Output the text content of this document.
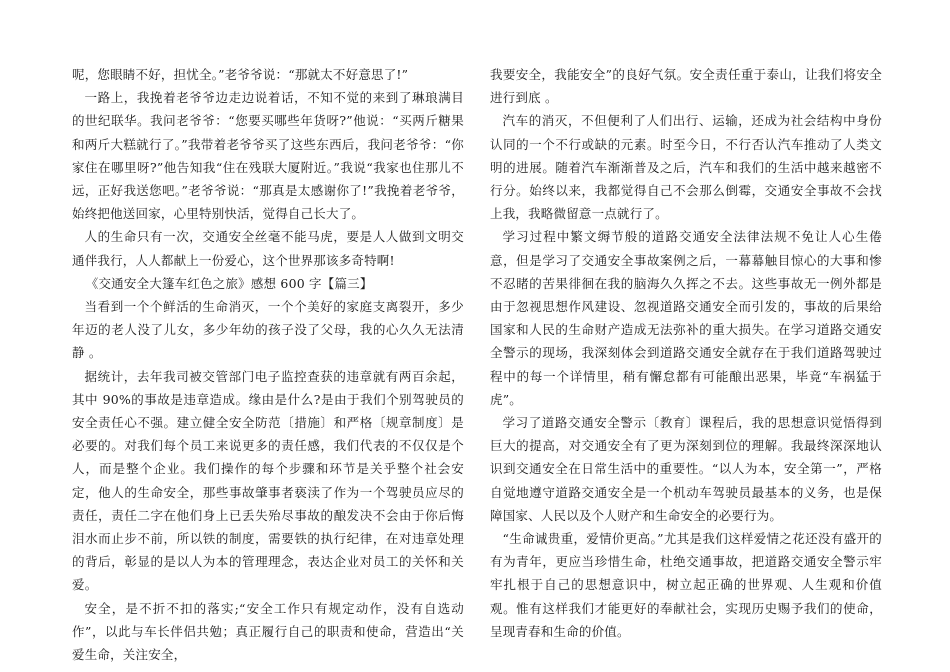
呢，您眼睛不好，担忧全。”老爷爷说：“那就太不好意思了!”

一路上，我挽着老爷爷边走边说着话，不知不觉的来到了琳琅满目的世纪联华。我问老爷爷：“您要买哪些年货呀?”他说：“买两斤糖果和两斤大糕就行了。”我带着老爷爷买了这些东西后，我问老爷爷：“你家住在哪里呀?”他告知我“住在残联大厦附近。”我说“我家也住那儿不远，正好我送您吧。”老爷爷说：“那真是太感谢你了!”我挽着老爷爷，始终把他送回家，心里特别快活，觉得自己长大了。

人的生命只有一次，交通安全丝毫不能马虎，要是人人做到文明交通伴我行，人人都献上一份爱心，这个世界那该多奇特啊!

《交通安全大篷车红色之旅》感想 600 字【篇三】

当看到一个个鲜活的生命消灭，一个个美好的家庭支离裂开，多少年迈的老人没了儿女，多少年幼的孩子没了父母，我的心久久无法清静 。

据统计，去年我司被交管部门电子监控查获的违章就有两百余起，其中 90%的事故是违章造成。缘由是什么?是由于我们个别驾驶员的安全责任心不强。建立健全安全防范〔措施〕和严格〔规章制度〕是必要的。对我们每个员工来说更多的责任感，我们代表的不仅仅是个人，而是整个企业。我们操作的每个步骤和环节是关乎整个社会安定，他人的生命安全，那些事故肇事者亵渎了作为一个驾驶员应尽的责任，责任二字在他们身上已丢失殆尽事故的酿发决不会由于你后悔泪水而止步不前，所以铁的制度，需要铁的执行纪律，在对违章处理的背后，彰显的是以人为本的管理理念，表达企业对员工的关怀和关爱。

安全，是不折不扣的落实;“安全工作只有规定动作，没有自选动作”，以此与车长伴侣共勉；真正履行自己的职责和使命，营造出“关爱生命，关注安全，

我要安全，我能安全”的良好气氛。安全责任重于泰山，让我们将安全进行到底 。

汽车的消灭，不但便利了人们出行、运输，还成为社会结构中身份认同的一个不行或缺的元素。时至今日，不行否认汽车推动了人类文明的进展。随着汽车渐渐普及之后，汽车和我们的生活中越来越密不行分。始终以来，我都觉得自己不会那么倒霉，交通安全事故不会找上我，我略微留意一点就行了。

学习过程中繁文缛节般的道路交通安全法律法规不免让人心生倦意，但是学习了交通安全事故案例之后，一幕幕触目惊心的大事和惨不忍睹的苦果徘徊在我的脑海久久挥之不去。这些事故无一例外都是由于忽视思想作风建设、忽视道路交通安全而引发的，事故的后果给国家和人民的生命财产造成无法弥补的重大损失。在学习道路交通安全警示的现场，我深刻体会到道路交通安全就存在于我们道路驾驶过程中的每一个详情里，稍有懈怠都有可能酿出恶果，毕竟“车祸猛于虎”。

学习了道路交通安全警示〔教育〕课程后，我的思想意识觉悟得到巨大的提高，对交通安全有了更为深刻到位的理解。我最终深深地认识到交通安全在日常生活中的重要性。“以人为本，安全第一”，严格自觉地遵守道路交通安全是一个机动车驾驶员最基本的义务，也是保障国家、人民以及个人财产和生命安全的必要行为。

“生命诚贵重，爱情价更高。”尤其是我们这样爱情之花还没有盛开的有为青年，更应当珍惜生命，杜绝交通事故，把道路交通安全警示牢牢扎根于自己的思想意识中，树立起正确的世界观、人生观和价值观。惟有这样我们才能更好的奉献社会，实现历史赐予我们的使命，呈现青春和生命的价值。
